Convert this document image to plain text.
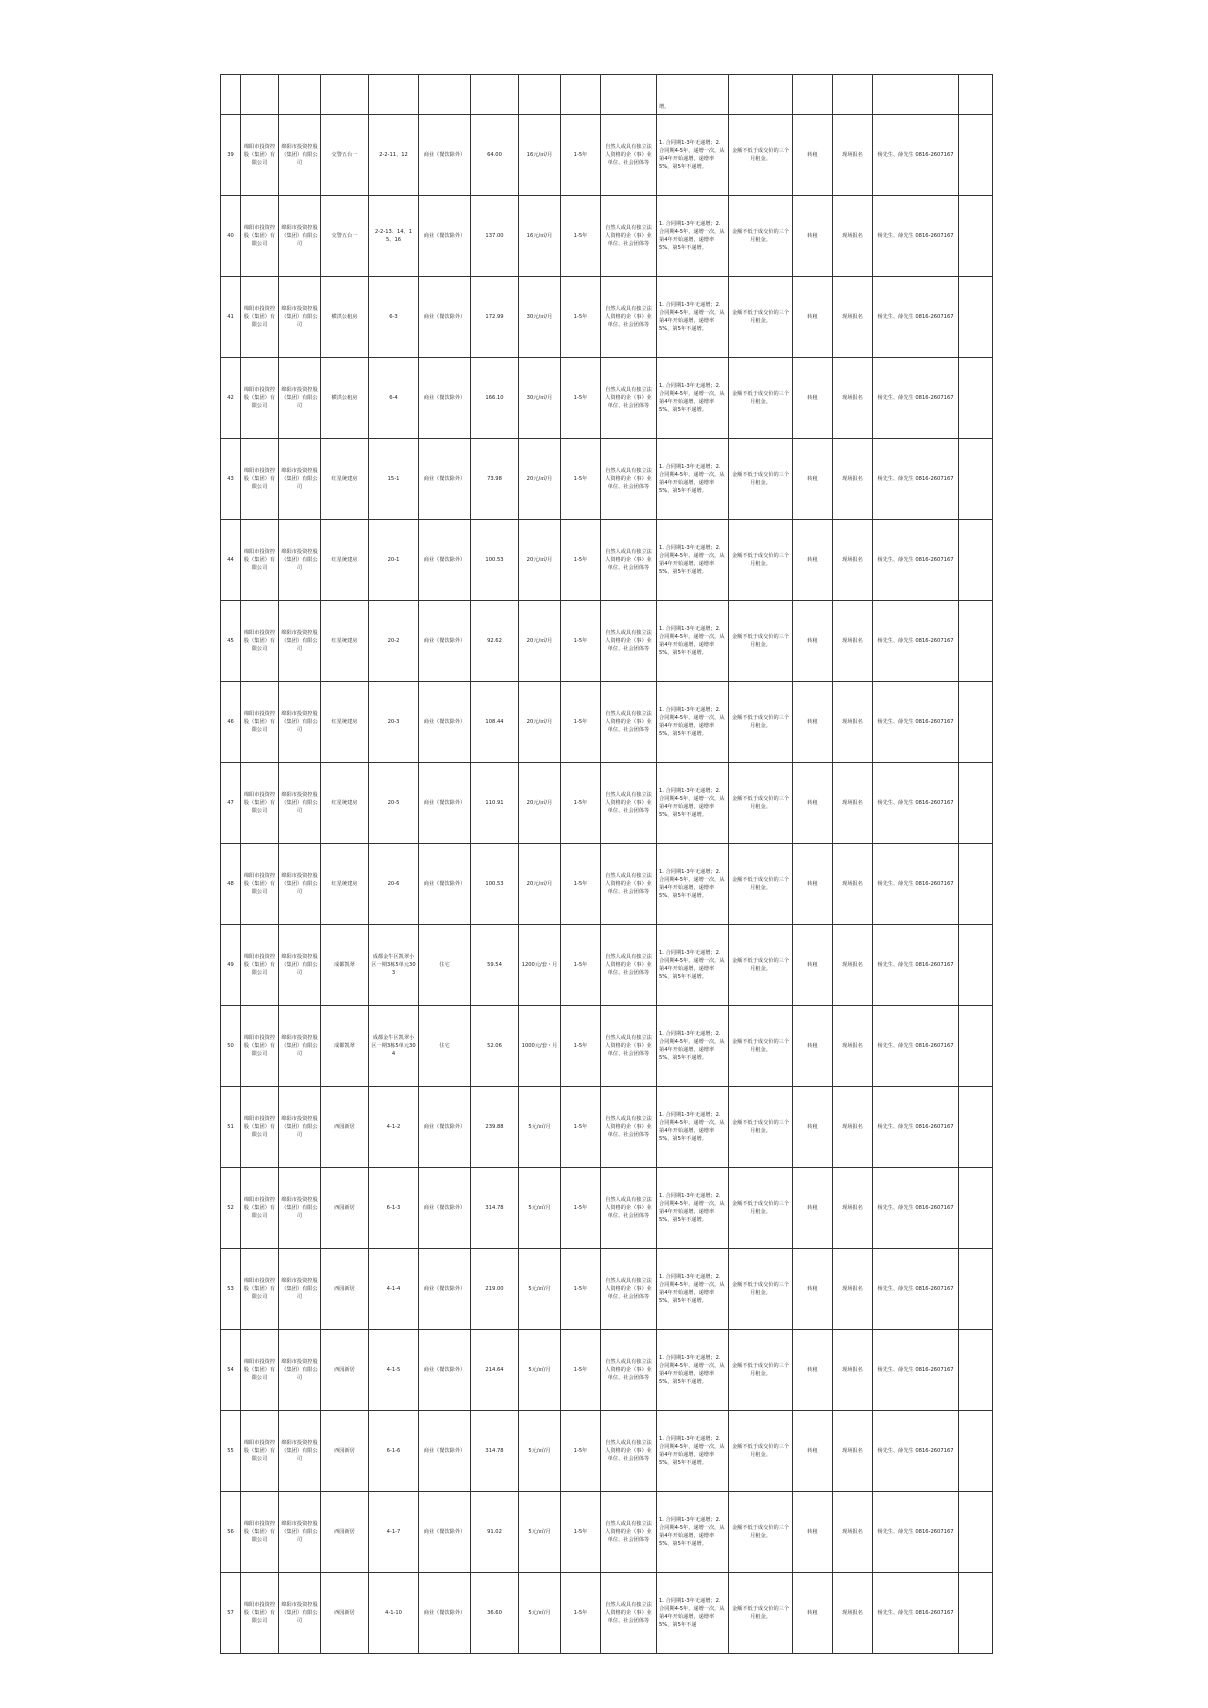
										增。					
39	绵阳市投资控股（集团）有限公司	绵阳市投资控股（集团）有限公司	交警五台一	2-2-11、12	商业（餐饮除外）	64.00	16元/㎡/月	1-5年	自然人或具有独立法人资格的企（事）业单位、社会团体等	1. 合同期1-3年无递增；2. 合同期4-5年，递增一次，从第4年开始递增，递增率5%，第5年不递增。	金额不低于成交价的三个月租金。	转租	现场报名	杨先生、薛先生 0816-2607167	
40	绵阳市投资控股（集团）有限公司	绵阳市投资控股（集团）有限公司	交警五台一	2-2-13、14、15、16	商业（餐饮除外）	137.00	16元/㎡/月	1-5年	自然人或具有独立法人资格的企（事）业单位、社会团体等	1. 合同期1-3年无递增；2. 合同期4-5年，递增一次，从第4年开始递增，递增率5%，第5年不递增。	金额不低于成交价的三个月租金。	转租	现场报名	杨先生、薛先生 0816-2607167	
41	绵阳市投资控股（集团）有限公司	绵阳市投资控股（集团）有限公司	横洪公租房	6-3	商业（餐饮除外）	172.99	30元/㎡/月	1-5年	自然人或具有独立法人资格的企（事）业单位、社会团体等	1. 合同期1-3年无递增；2. 合同期4-5年，递增一次，从第4年开始递增，递增率5%，第5年不递增。	金额不低于成交价的三个月租金。	转租	现场报名	杨先生、薛先生 0816-2607167	
42	绵阳市投资控股（集团）有限公司	绵阳市投资控股（集团）有限公司	横洪公租房	6-4	商业（餐饮除外）	166.10	30元/㎡/月	1-5年	自然人或具有独立法人资格的企（事）业单位、社会团体等	1. 合同期1-3年无递增；2. 合同期4-5年，递增一次，从第4年开始递增，递增率5%，第5年不递增。	金额不低于成交价的三个月租金。	转租	现场报名	杨先生、薛先生 0816-2607167	
43	绵阳市投资控股（集团）有限公司	绵阳市投资控股（集团）有限公司	红星统建房	15-1	商业（餐饮除外）	73.98	20元/㎡/月	1-5年	自然人或具有独立法人资格的企（事）业单位、社会团体等	1. 合同期1-3年无递增；2. 合同期4-5年，递增一次，从第4年开始递增，递增率5%，第5年不递增。	金额不低于成交价的三个月租金。	转租	现场报名	杨先生、薛先生 0816-2607167	
44	绵阳市投资控股（集团）有限公司	绵阳市投资控股（集团）有限公司	红星统建房	20-1	商业（餐饮除外）	100.53	20元/㎡/月	1-5年	自然人或具有独立法人资格的企（事）业单位、社会团体等	1. 合同期1-3年无递增；2. 合同期4-5年，递增一次，从第4年开始递增，递增率5%，第5年不递增。	金额不低于成交价的三个月租金。	转租	现场报名	杨先生、薛先生 0816-2607167	
45	绵阳市投资控股（集团）有限公司	绵阳市投资控股（集团）有限公司	红星统建房	20-2	商业（餐饮除外）	92.62	20元/㎡/月	1-5年	自然人或具有独立法人资格的企（事）业单位、社会团体等	1. 合同期1-3年无递增；2. 合同期4-5年，递增一次，从第4年开始递增，递增率5%，第5年不递增。	金额不低于成交价的三个月租金。	转租	现场报名	杨先生、薛先生 0816-2607167	
46	绵阳市投资控股（集团）有限公司	绵阳市投资控股（集团）有限公司	红星统建房	20-3	商业（餐饮除外）	108.44	20元/㎡/月	1-5年	自然人或具有独立法人资格的企（事）业单位、社会团体等	1. 合同期1-3年无递增；2. 合同期4-5年，递增一次，从第4年开始递增，递增率5%，第5年不递增。	金额不低于成交价的三个月租金。	转租	现场报名	杨先生、薛先生 0816-2607167	
47	绵阳市投资控股（集团）有限公司	绵阳市投资控股（集团）有限公司	红星统建房	20-5	商业（餐饮除外）	110.91	20元/㎡/月	1-5年	自然人或具有独立法人资格的企（事）业单位、社会团体等	1. 合同期1-3年无递增；2. 合同期4-5年，递增一次，从第4年开始递增，递增率5%，第5年不递增。	金额不低于成交价的三个月租金。	转租	现场报名	杨先生、薛先生 0816-2607167	
48	绵阳市投资控股（集团）有限公司	绵阳市投资控股（集团）有限公司	红星统建房	20-6	商业（餐饮除外）	100.53	20元/㎡/月	1-5年	自然人或具有独立法人资格的企（事）业单位、社会团体等	1. 合同期1-3年无递增；2. 合同期4-5年，递增一次，从第4年开始递增，递增率5%，第5年不递增。	金额不低于成交价的三个月租金。	转租	现场报名	杨先生、薛先生 0816-2607167	
49	绵阳市投资控股（集团）有限公司	绵阳市投资控股（集团）有限公司	成都凯翠	成都金牛区凯翠小区一期3栋5单元303	住宅	59.54	1200元/套・月	1-5年	自然人或具有独立法人资格的企（事）业单位、社会团体等	1. 合同期1-3年无递增；2. 合同期4-5年，递增一次，从第4年开始递增，递增率5%，第5年不递增。	金额不低于成交价的三个月租金。	转租	现场报名	杨先生、薛先生 0816-2607167	
50	绵阳市投资控股（集团）有限公司	绵阳市投资控股（集团）有限公司	成都凯翠	成都金牛区凯翠小区一期3栋5单元304	住宅	52.06	1000元/套・月	1-5年	自然人或具有独立法人资格的企（事）业单位、社会团体等	1. 合同期1-3年无递增；2. 合同期4-5年，递增一次，从第4年开始递增，递增率5%，第5年不递增。	金额不低于成交价的三个月租金。	转租	现场报名	杨先生、薛先生 0816-2607167	
51	绵阳市投资控股（集团）有限公司	绵阳市投资控股（集团）有限公司	西园新居	4-1-2	商业（餐饮除外）	239.88	5元/㎡/月	1-5年	自然人或具有独立法人资格的企（事）业单位、社会团体等	1. 合同期1-3年无递增；2. 合同期4-5年，递增一次，从第4年开始递增，递增率5%，第5年不递增。	金额不低于成交价的三个月租金。	转租	现场报名	杨先生、薛先生 0816-2607167	
52	绵阳市投资控股（集团）有限公司	绵阳市投资控股（集团）有限公司	西园新居	6-1-3	商业（餐饮除外）	314.78	5元/㎡/月	1-5年	自然人或具有独立法人资格的企（事）业单位、社会团体等	1. 合同期1-3年无递增；2. 合同期4-5年，递增一次，从第4年开始递增，递增率5%，第5年不递增。	金额不低于成交价的三个月租金。	转租	现场报名	杨先生、薛先生 0816-2607167	
53	绵阳市投资控股（集团）有限公司	绵阳市投资控股（集团）有限公司	西园新居	4-1-4	商业（餐饮除外）	219.00	5元/㎡/月	1-5年	自然人或具有独立法人资格的企（事）业单位、社会团体等	1. 合同期1-3年无递增；2. 合同期4-5年，递增一次，从第4年开始递增，递增率5%，第5年不递增。	金额不低于成交价的三个月租金。	转租	现场报名	杨先生、薛先生 0816-2607167	
54	绵阳市投资控股（集团）有限公司	绵阳市投资控股（集团）有限公司	西园新居	4-1-5	商业（餐饮除外）	214.64	5元/㎡/月	1-5年	自然人或具有独立法人资格的企（事）业单位、社会团体等	1. 合同期1-3年无递增；2. 合同期4-5年，递增一次，从第4年开始递增，递增率5%，第5年不递增。	金额不低于成交价的三个月租金。	转租	现场报名	杨先生、薛先生 0816-2607167	
55	绵阳市投资控股（集团）有限公司	绵阳市投资控股（集团）有限公司	西园新居	6-1-6	商业（餐饮除外）	314.78	5元/㎡/月	1-5年	自然人或具有独立法人资格的企（事）业单位、社会团体等	1. 合同期1-3年无递增；2. 合同期4-5年，递增一次，从第4年开始递增，递增率5%，第5年不递增。	金额不低于成交价的三个月租金。	转租	现场报名	杨先生、薛先生 0816-2607167	
56	绵阳市投资控股（集团）有限公司	绵阳市投资控股（集团）有限公司	西园新居	4-1-7	商业（餐饮除外）	91.02	5元/㎡/月	1-5年	自然人或具有独立法人资格的企（事）业单位、社会团体等	1. 合同期1-3年无递增；2. 合同期4-5年，递增一次，从第4年开始递增，递增率5%，第5年不递增。	金额不低于成交价的三个月租金。	转租	现场报名	杨先生、薛先生 0816-2607167	
57	绵阳市投资控股（集团）有限公司	绵阳市投资控股（集团）有限公司	西园新居	4-1-10	商业（餐饮除外）	36.60	5元/㎡/月	1-5年	自然人或具有独立法人资格的企（事）业单位、社会团体等	1. 合同期1-3年无递增；2. 合同期4-5年，递增一次，从第4年开始递增，递增率5%，第5年不递	金额不低于成交价的三个月租金。	转租	现场报名	杨先生、薛先生 0816-2607167	
